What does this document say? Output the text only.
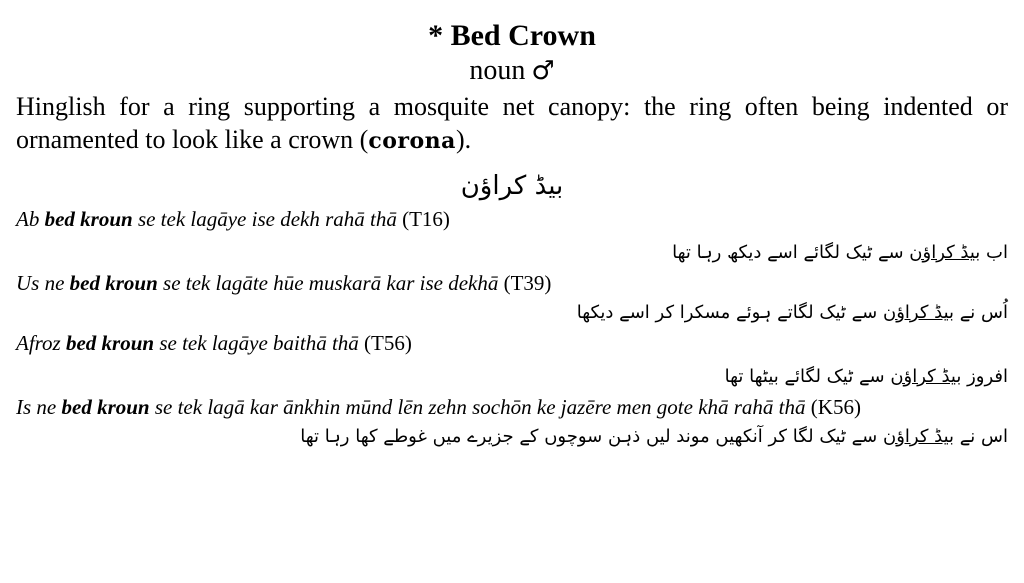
* Bed Crown

noun ♂

Hinglish for a ring supporting a mosquite net canopy: the ring often being indented or ornamented to look like a crown (corona).

بیڈ کراؤن

Ab bed kroun se tek lagāye ise dekh rahā thā (T16)

اب بیڈ کراؤن سے ٹیک لگائے اسے دیکھ رہا تھا

Us ne bed kroun se tek lagāte hūe muskarā kar ise dekhā (T39)

اُس نے بیڈ کراؤن سے ٹیک لگاتے ہوئے مسکرا کر اسے دیکھا

Afroz bed kroun se tek lagāye baithā thā (T56)

افروز بیڈ کراؤن سے ٹیک لگائے بیٹھا تھا

Is ne bed kroun se tek lagā kar ānkhin mūnd lēn zehn sochōn ke jazēre men gote khā rahā thā (K56)

اس نے بیڈ کراؤن سے ٹیک لگا کر آنکھیں موند لیں ذہن سوچوں کے جزیرے میں غوطے کھا رہا تھا
